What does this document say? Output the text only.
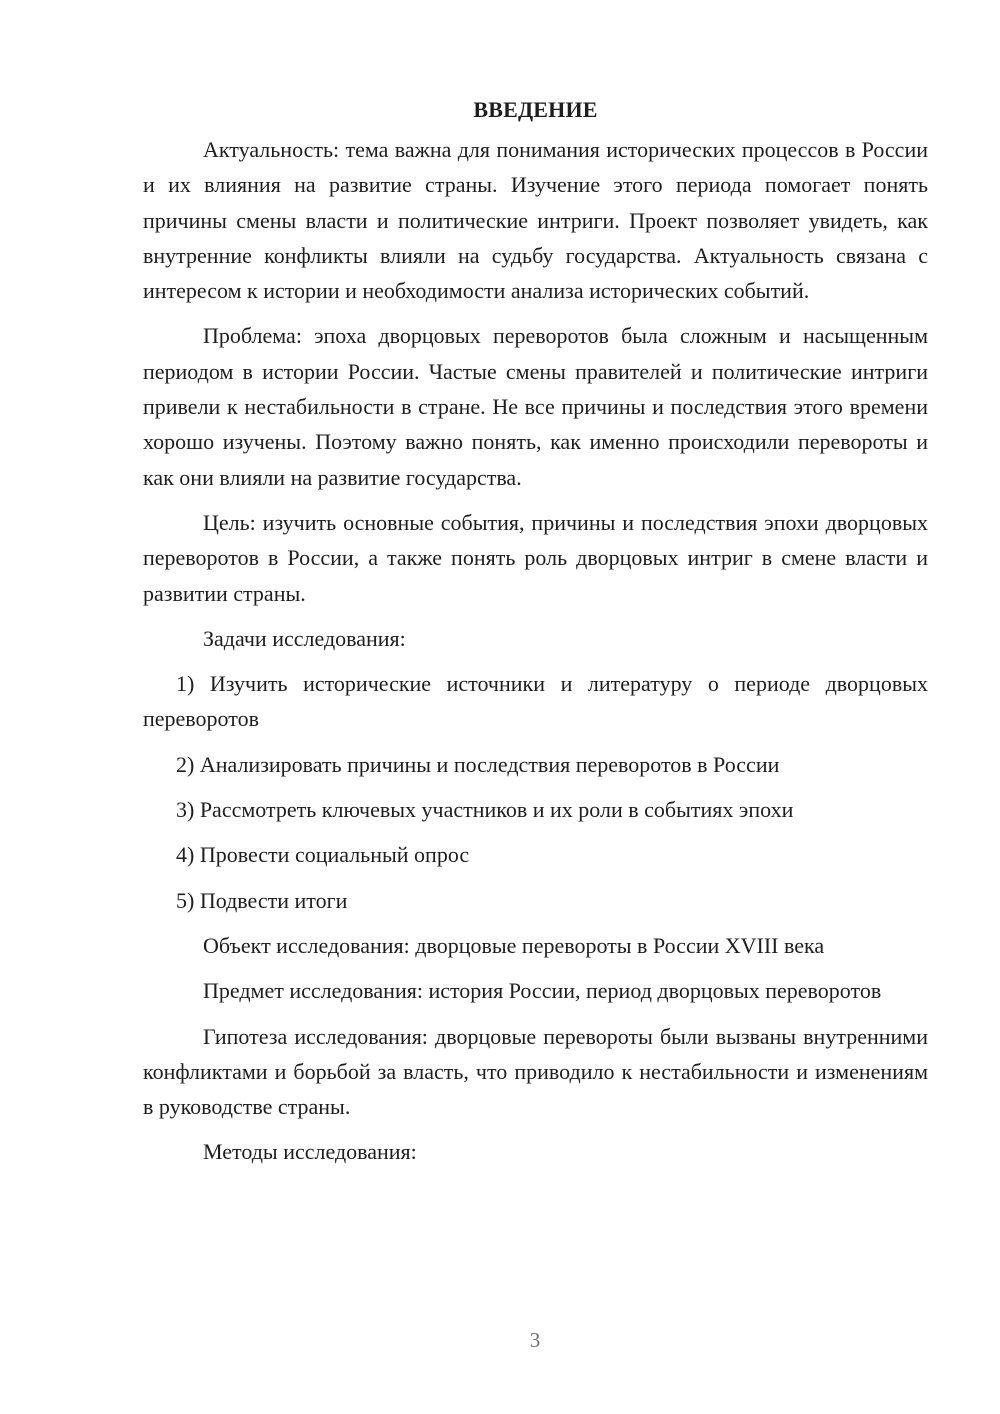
ВВЕДЕНИЕ

Актуальность: тема важна для понимания исторических процессов в России и их влияния на развитие страны. Изучение этого периода помогает понять причины смены власти и политические интриги. Проект позволяет увидеть, как внутренние конфликты влияли на судьбу государства. Актуальность связана с интересом к истории и необходимости анализа исторических событий.

Проблема: эпоха дворцовых переворотов была сложным и насыщенным периодом в истории России. Частые смены правителей и политические интриги привели к нестабильности в стране. Не все причины и последствия этого времени хорошо изучены. Поэтому важно понять, как именно происходили перевороты и как они влияли на развитие государства.

Цель: изучить основные события, причины и последствия эпохи дворцовых переворотов в России, а также понять роль дворцовых интриг в смене власти и развитии страны.

Задачи исследования:

1) Изучить исторические источники и литературу о периоде дворцовых переворотов

2) Анализировать причины и последствия переворотов в России

3) Рассмотреть ключевых участников и их роли в событиях эпохи

4) Провести социальный опрос

5) Подвести итоги

Объект исследования: дворцовые перевороты в России XVIII века

Предмет исследования: история России, период дворцовых переворотов

Гипотеза исследования: дворцовые перевороты были вызваны внутренними конфликтами и борьбой за власть, что приводило к нестабильности и изменениям в руководстве страны.

Методы исследования:

3
